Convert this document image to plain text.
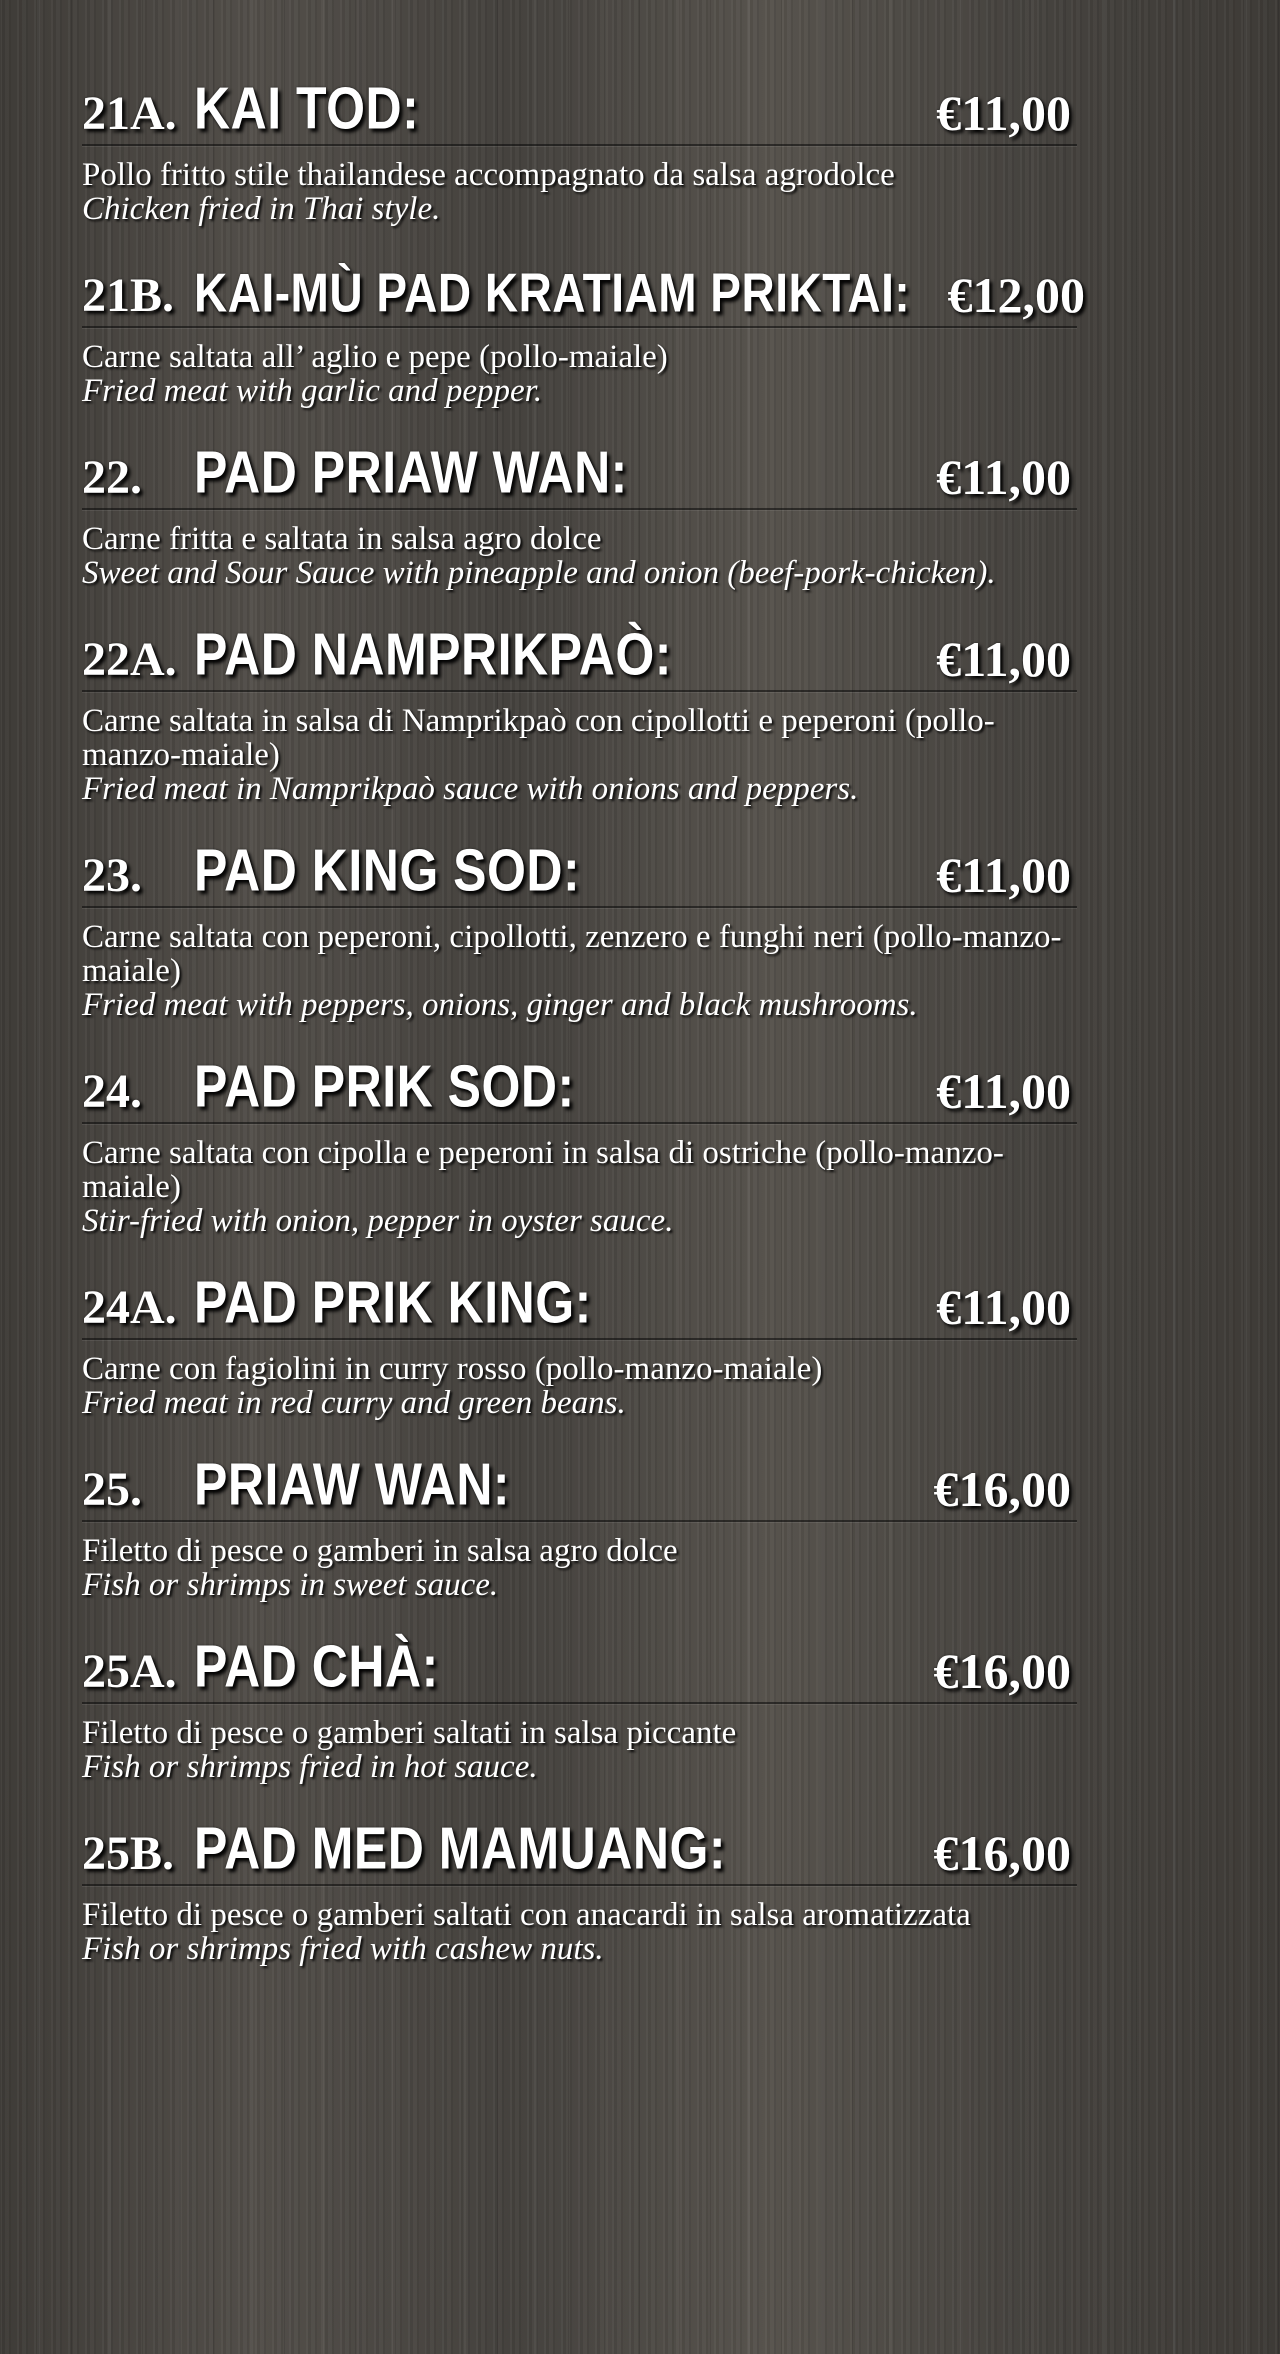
21A. KAI TOD:	€11,00
Pollo fritto stile thailandese accompagnato da salsa agrodolce
Chicken fried in Thai style.
21B. KAI-MÙ PAD KRATIAM PRIKTAI: €12,00
Carne saltata all’ aglio e pepe (pollo-maiale)
Fried meat with garlic and pepper.
22. PAD PRIAW WAN:	€11,00
Carne fritta e saltata in salsa agro dolce
Sweet and Sour Sauce with pineapple and onion (beef-pork-chicken).
22A. PAD NAMPRIKPAÒ:	€11,00
Carne saltata in salsa di Namprikpaò con cipollotti e peperoni (pollo-manzo-maiale)
Fried meat in Namprikpaò sauce with onions and peppers.
23. PAD KING SOD:	€11,00
Carne saltata con peperoni, cipollotti, zenzero e funghi neri (pollo-manzo-maiale)
Fried meat with peppers, onions, ginger and black mushrooms.
24. PAD PRIK SOD:	€11,00
Carne saltata con cipolla e peperoni in salsa di ostriche (pollo-manzo-maiale)
Stir-fried with onion, pepper in oyster sauce.
24A. PAD PRIK KING:	€11,00
Carne con fagiolini in curry rosso (pollo-manzo-maiale)
Fried meat in red curry and green beans.
25. PRIAW WAN:	€16,00
Filetto di pesce o gamberi in salsa agro dolce
Fish or shrimps in sweet sauce.
25A. PAD CHÀ:	€16,00
Filetto di pesce o gamberi saltati in salsa piccante
Fish or shrimps fried in hot sauce.
25B. PAD MED MAMUANG:	€16,00
Filetto di pesce o gamberi saltati con anacardi in salsa aromatizzata
Fish or shrimps fried with cashew nuts.
